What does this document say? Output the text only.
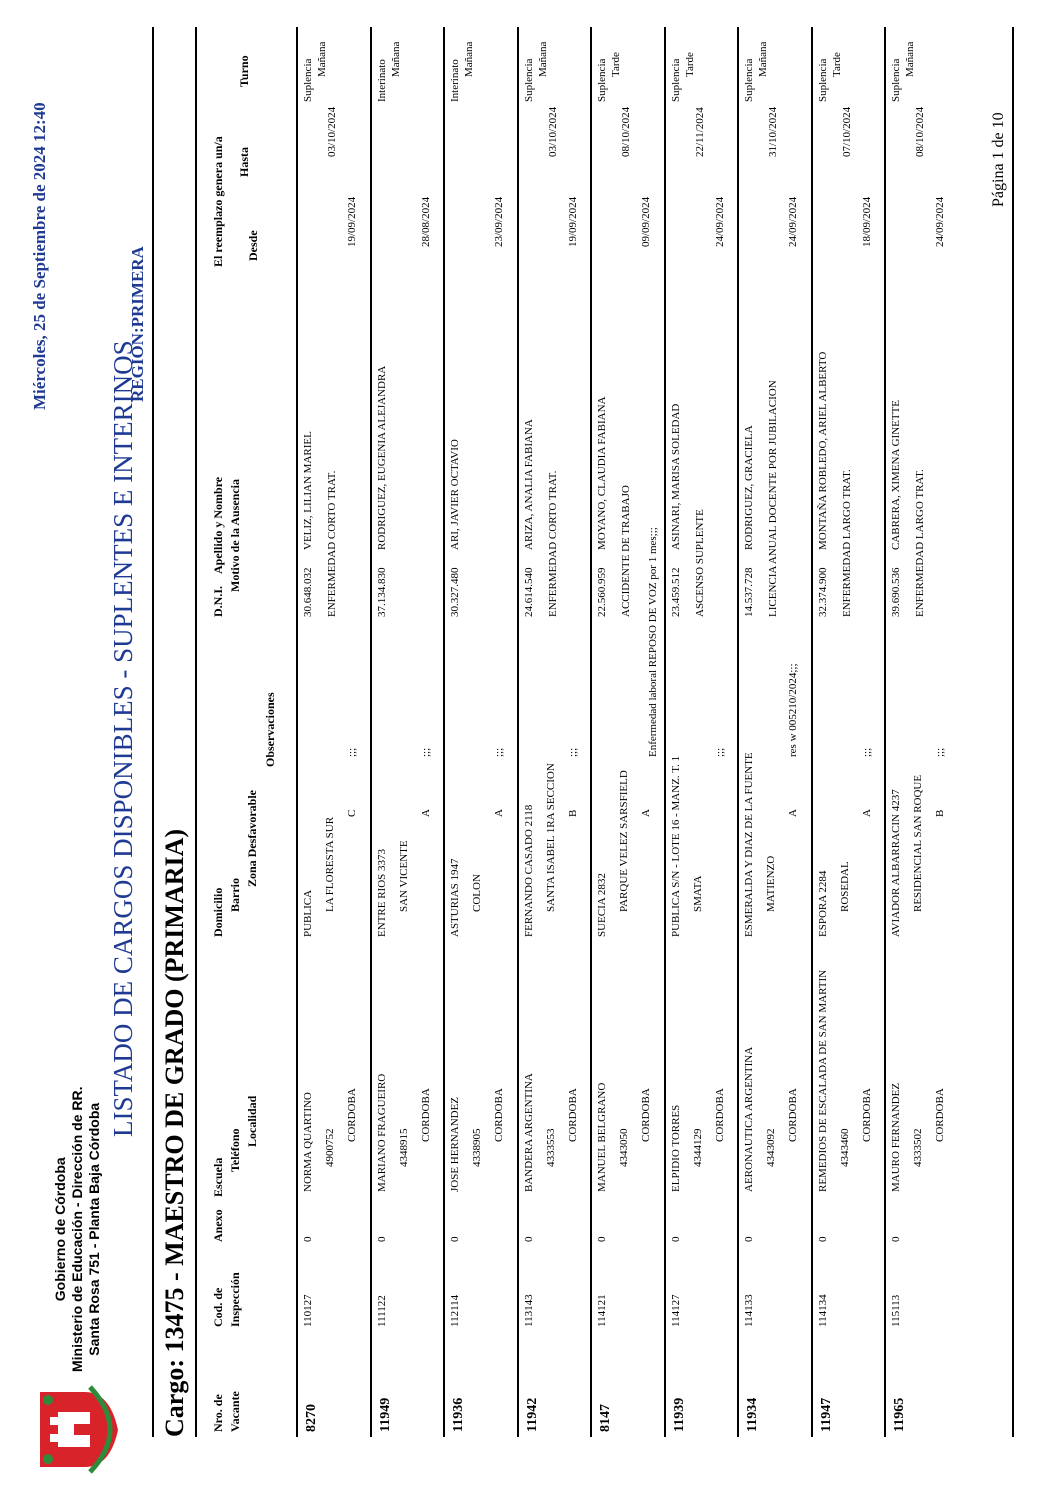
Gobierno de Córdoba Ministerio de Educación - Dirección de RR. Santa Rosa 751 - Planta Baja Córdoba
LISTADO DE CARGOS DISPONIBLES - SUPLENTES E INTERINOS
REGION:PRIMERA
Miércoles, 25 de Septiembre de 2024 12:40
Cargo: 13475 - MAESTRO DE GRADO (PRIMARIA) Nro. de Vacante
Cod. de Inspección
Anexo
Escuela
Teléfono
Localidad
Domicilio Barrio
Zona Desfavorable
Observaciones
D.N.I.    Apellido y Nombre Motivo de la Ausencia
El reemplazo genera un/a Desde
Hasta
Turno
8270
110127
0
NORMA QUARTINO 4900752
CORDOBA
PUBLICA
LA FLORESTA SUR
C
;;;
30.648.032
VELIZ, LILIAN MARIEL ENFERMEDAD CORTO TRAT.
Suplencia
19/09/2024
03/10/2024
Mañana
11949
111122
0
MARIANO FRAGUEIRO 4348915
CORDOBA
ENTRE RIOS 3373 SAN VICENTE
A
;;;
37.134.830
RODRIGUEZ, EUGENIA ALEJANDRA
Interinato
28/08/2024
Mañana
11936
112114
0
JOSE HERNANDEZ 4338905
CORDOBA
ASTURIAS 1947 COLON
A
;;;
30.327.480
ARI, JAVIER OCTAVIO
Interinato
23/09/2024
Mañana
11942
113143
0
BANDERA ARGENTINA 4333553
CORDOBA
FERNANDO CASADO 2118 SANTA ISABEL 1RA SECCION B
;;;
24.614.540
ARIZA, ANALIA FABIANA ENFERMEDAD CORTO TRAT.
Suplencia
19/09/2024
03/10/2024
Mañana
8147
114121
0
MANUEL BELGRANO 4343050
CORDOBA
SUECIA 2832 PARQUE VELEZ SARSFIELD A
Enfermedad laboral REPOSO DE VOZ por 1 mes;;;
22.560.959
MOYANO, CLAUDIA FABIANA
ACCIDENTE DE TRABAJO
Suplencia
09/09/2024
08/10/2024
Tarde
11939
114127
0
ELPIDIO TORRES 4344129
CORDOBA
PUBLICA S/N - LOTE 16 - MANZ. T. 1 SMATA
;;;
23.459.512
ASINARI, MARISA SOLEDAD
ASCENSO SUPLENTE
Suplencia
24/09/2024
22/11/2024
Tarde
11934
114133
0
AERONAUTICA ARGENTINA 4343092
CORDOBA
ESMERALDA Y DIAZ DE LA FUENTE MATIENZO
A
res w 005210/2024;;;
14.537.728
RODRIGUEZ, GRACIELA LICENCIA ANUAL DOCENTE POR JUBILACION
Suplencia
24/09/2024
31/10/2024
Mañana
11947
114134
0
REMEDIOS DE ESCALADA DE SAN MARTIN 4343460
CORDOBA
ESPORA 2284 ROSEDAL
A
;;;
32.374.900
MONTAÑA ROBLEDO, ARIEL ALBERTO ENFERMEDAD LARGO TRAT.
Suplencia
18/09/2024
07/10/2024
Tarde
11965
115113
0
MAURO FERNANDEZ 4333502
CORDOBA
AVIADOR ALBARRACIN 4237 RESIDENCIAL SAN ROQUE B
;;;
39.690.536
CABRERA, XIMENA GINETTE ENFERMEDAD LARGO TRAT.
Suplencia
24/09/2024
08/10/2024
Mañana
Página 1 de 10
